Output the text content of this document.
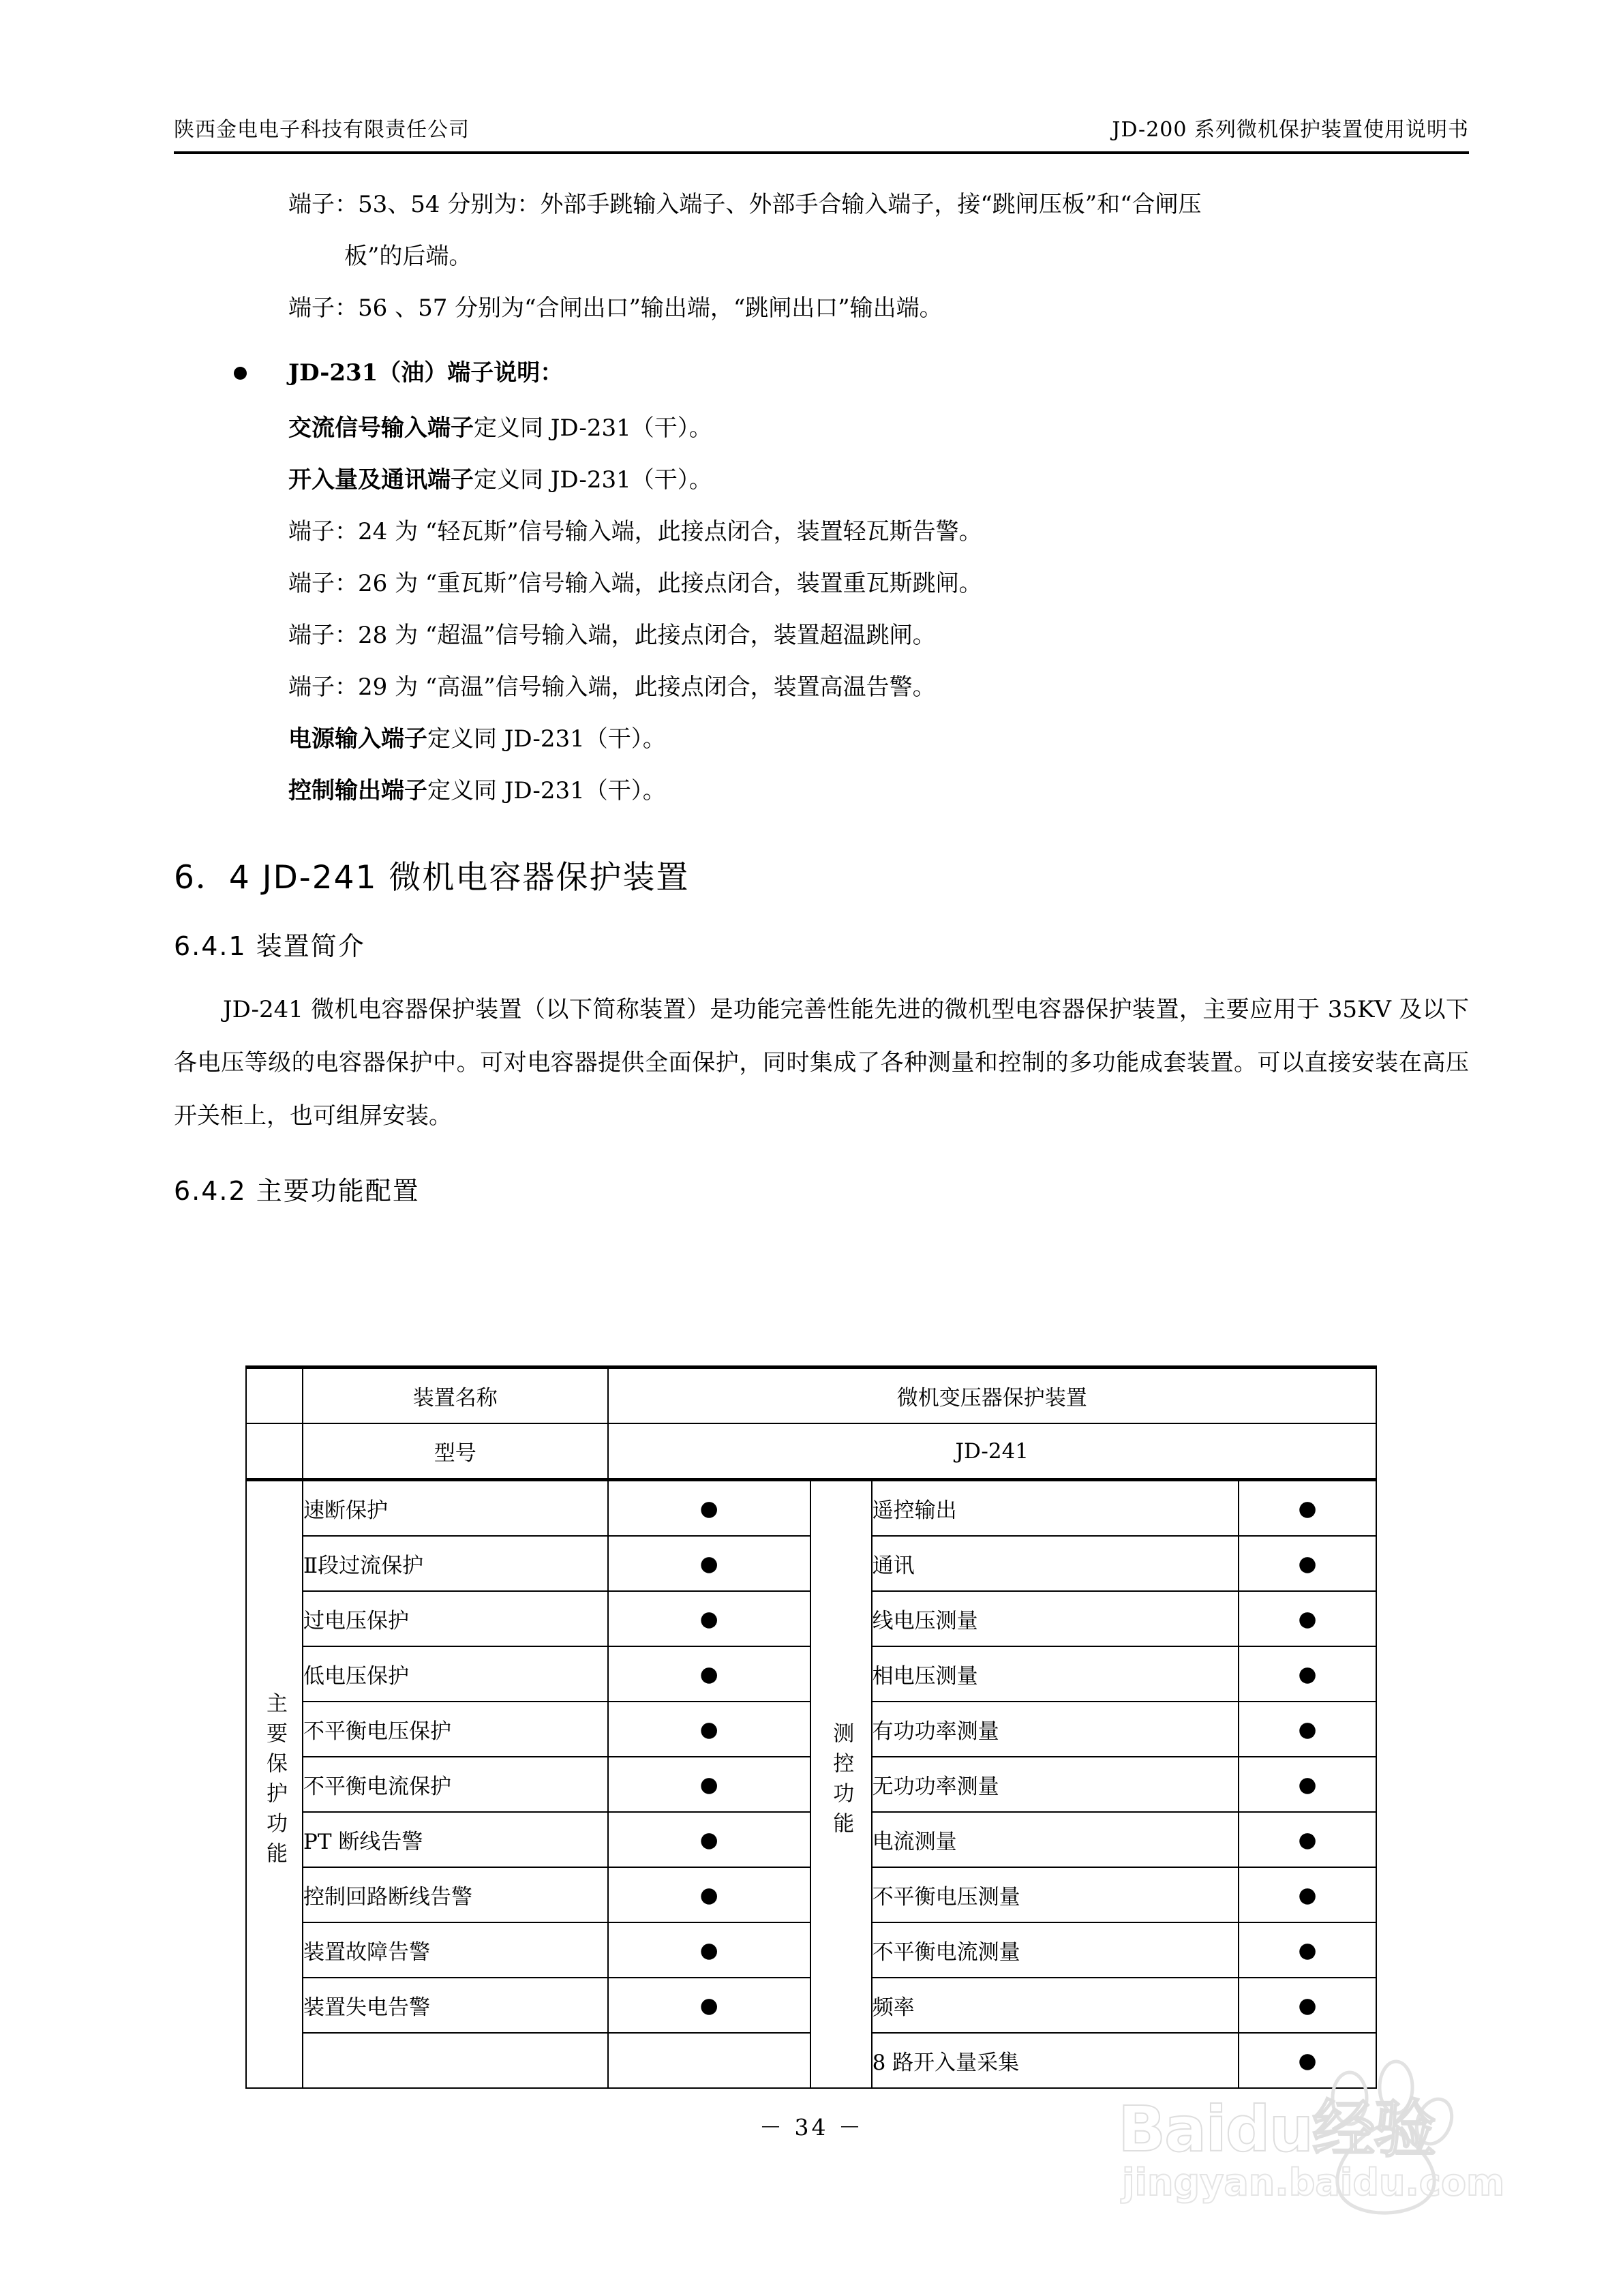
陕西金电电子科技有限责任公司	JD-200 系列微机保护装置使用说明书

端子：53、54 分别为：外部手跳输入端子、外部手合输入端子，接“跳闸压板”和“合闸压
板”的后端。

端子：56 、57 分别为“合闸出口”输出端，“跳闸出口”输出端。

JD-231（油）端子说明：

交流信号输入端子定义同 JD-231（干）。

开入量及通讯端子定义同 JD-231（干）。

端子：24 为 “轻瓦斯”信号输入端，此接点闭合，装置轻瓦斯告警。

端子：26 为 “重瓦斯”信号输入端，此接点闭合，装置重瓦斯跳闸。

端子：28 为 “超温”信号输入端，此接点闭合，装置超温跳闸。

端子：29 为 “高温”信号输入端，此接点闭合，装置高温告警。

电源输入端子定义同 JD-231（干）。

控制输出端子定义同 JD-231（干）。

6．4 JD-241 微机电容器保护装置
6.4.1 装置简介

JD-241 微机电容器保护装置（以下简称装置）是功能完善性能先进的微机型电容器保护装置，主要应用于 35KV 及以下各电压等级的电容器保护中。可对电容器提供全面保护，同时集成了各种测量和控制的多功能成套装置。可以直接安装在高压开关柜上，也可组屏安装。

6.4.2 主要功能配置
	装置名称	微机变压器保护装置			
	型号	JD-241			
主要保护功能	速断保护	●	测控功能	遥控输出	●
	Ⅱ段过流保护	●		通讯	●
	过电压保护	●		线电压测量	●
	低电压保护	●		相电压测量	●
	不平衡电压保护	●		有功功率测量	●
	不平衡电流保护	●		无功功率测量	●
	PT 断线告警	●		电流测量	●
	控制回路断线告警	●		不平衡电压测量	●
	装置故障告警	●		不平衡电流测量	●
	装置失电告警	●		频率	●
				8 路开入量采集	●
－ 34 －	Baidu经验
jingyan.baidu.com
